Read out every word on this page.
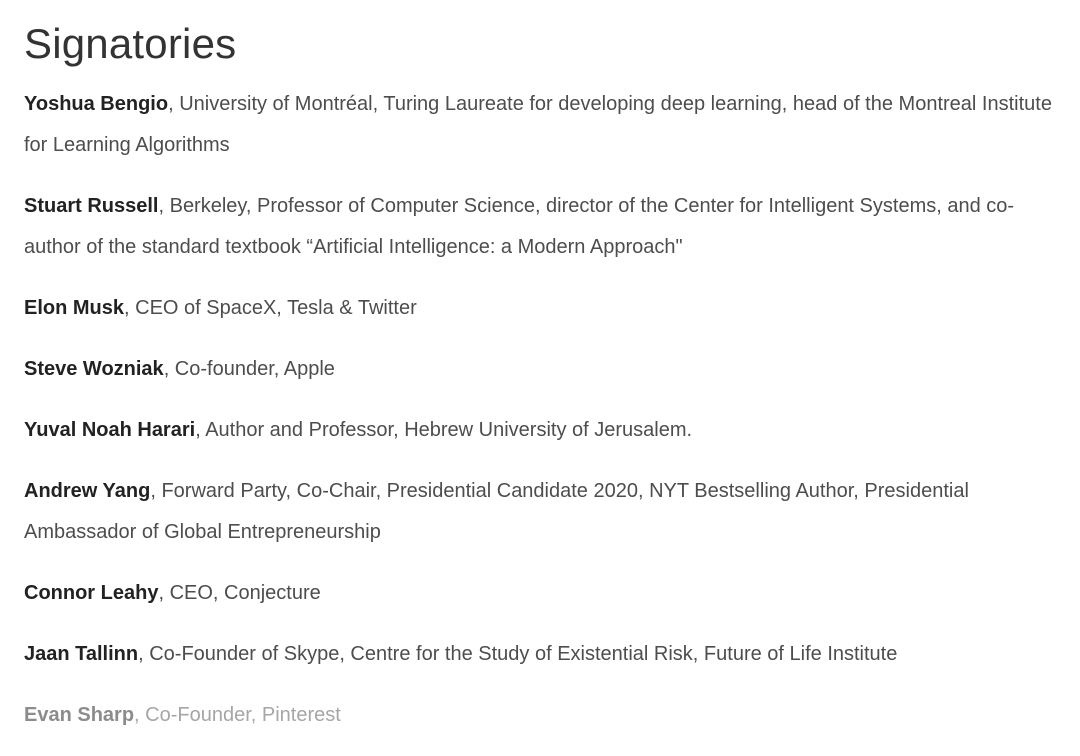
Signatories

Yoshua Bengio, University of Montréal, Turing Laureate for developing deep learning, head of the Montreal Institute for Learning Algorithms

Stuart Russell, Berkeley, Professor of Computer Science, director of the Center for Intelligent Systems, and co-author of the standard textbook “Artificial Intelligence: a Modern Approach"

Elon Musk, CEO of SpaceX, Tesla & Twitter

Steve Wozniak, Co-founder, Apple

Yuval Noah Harari, Author and Professor, Hebrew University of Jerusalem.

Andrew Yang, Forward Party, Co-Chair, Presidential Candidate 2020, NYT Bestselling Author, Presidential Ambassador of Global Entrepreneurship

Connor Leahy, CEO, Conjecture

Jaan Tallinn, Co-Founder of Skype, Centre for the Study of Existential Risk, Future of Life Institute

Evan Sharp, Co-Founder, Pinterest
